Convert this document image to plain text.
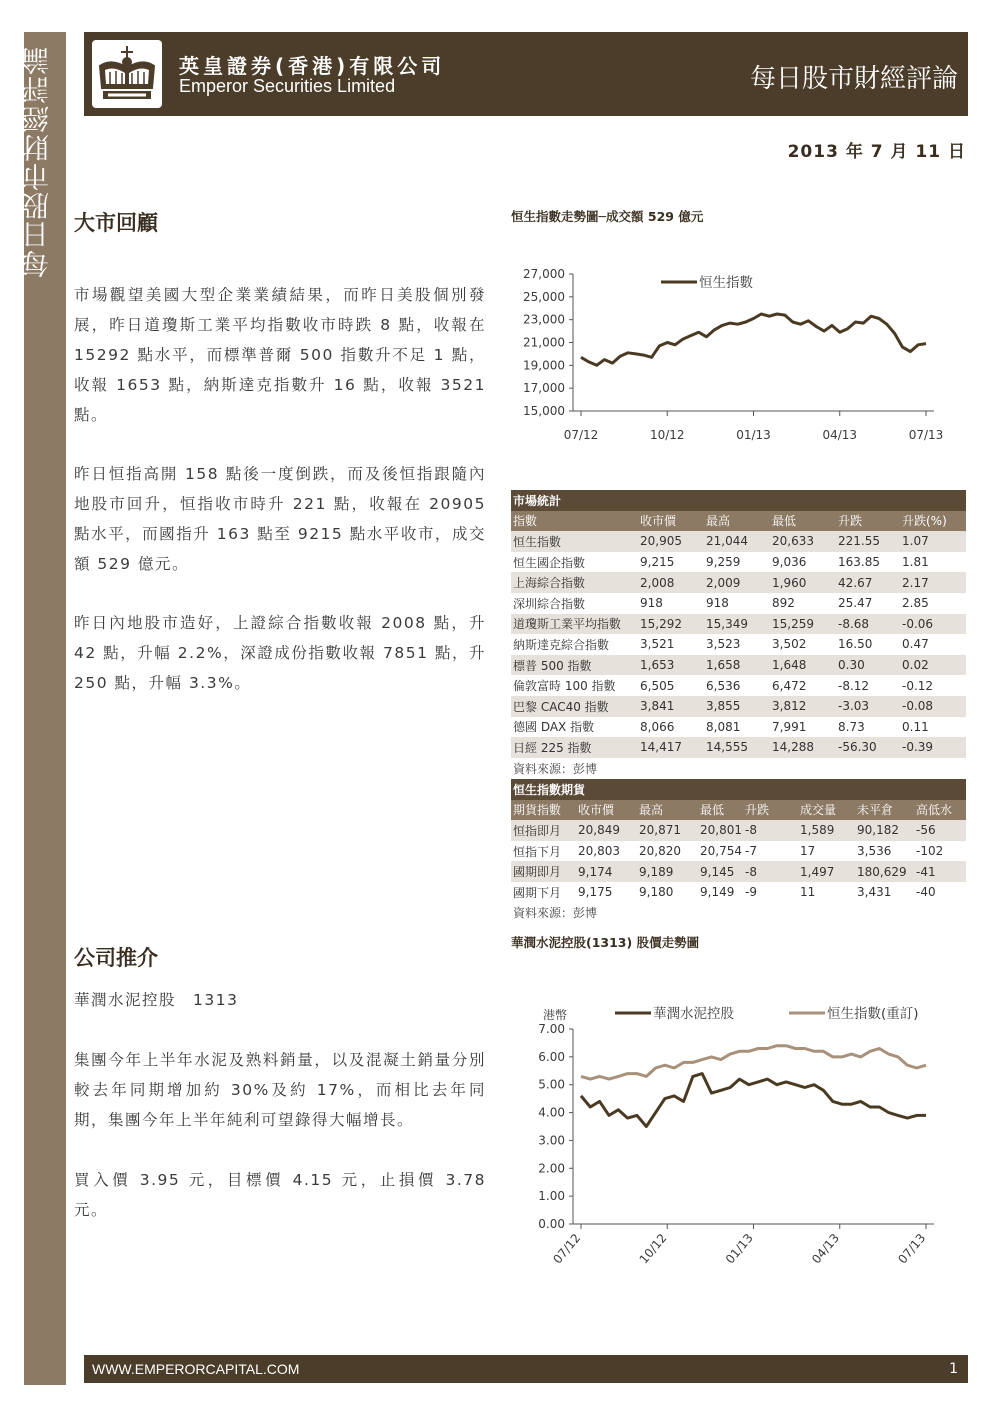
每日股市財經評論	英皇證券(香港)有限公司
Emperor Securities Limited	每日股市財經評論
2013 年 7 月 11 日
大市回顧
市場觀望美國大型企業業績結果，而昨日美股個別發展，昨日道瓊斯工業平均指數收市時跌 8 點，收報在 15292 點水平，而標準普爾 500 指數升不足 1 點，收報 1653 點，納斯達克指數升 16 點，收報 3521 點。
昨日恒指高開 158 點後一度倒跌，而及後恒指跟隨內地股市回升，恒指收市時升 221 點，收報在 20905 點水平，而國指升 163 點至 9215 點水平收市，成交額 529 億元。
昨日內地股市造好，上證綜合指數收報 2008 點，升 42 點，升幅 2.2%，深證成份指數收報 7851 點，升 250 點，升幅 3.3%。
公司推介
華潤水泥控股　1313
集團今年上半年水泥及熟料銷量，以及混凝土銷量分別較去年同期增加約 30%及約 17%，而相比去年同期，集團今年上半年純利可望錄得大幅增長。
買入價 3.95 元，目標價 4.15 元，止損價 3.78 元。
恒生指數走勢圖─成交額 529 億元
27,000
25,000
23,000
21,000
19,000
17,000
15,000
07/12	10/12	01/13	04/13	07/13
恒生指數
市場統計					
指數	收市價	最高	最低	升跌	升跌(%)
恒生指數	20,905	21,044	20,633	221.55	1.07
恒生國企指數	9,215	9,259	9,036	163.85	1.81
上海綜合指數	2,008	2,009	1,960	42.67	2.17
深圳綜合指數	918	918	892	25.47	2.85
道瓊斯工業平均指數	15,292	15,349	15,259	-8.68	-0.06
納斯達克綜合指數	3,521	3,523	3,502	16.50	0.47
標普 500 指數	1,653	1,658	1,648	0.30	0.02
倫敦富時 100 指數	6,505	6,536	6,472	-8.12	-0.12
巴黎 CAC40 指數	3,841	3,855	3,812	-3.03	-0.08
德國 DAX 指數	8,066	8,081	7,991	8.73	0.11
日經 225 指數	14,417	14,555	14,288	-56.30	-0.39
資料來源：彭博					
恒生指數期貨							
期貨指數	收市價	最高	最低	升跌	成交量	未平倉	高低水
恒指即月	20,849	20,871	20,801	-8	1,589	90,182	-56
恒指下月	20,803	20,820	20,754	-7	17	3,536	-102
國期即月	9,174	9,189	9,145	-8	1,497	180,629	-41
國期下月	9,175	9,180	9,149	-9	11	3,431	-40
資料來源：彭博							
華潤水泥控股(1313) 股價走勢圖
7.00
6.00
5.00
4.00
3.00
2.00
1.00
0.00
07/12	10/12	01/13	04/13	07/13
港幣	華潤水泥控股	恒生指數(重訂)
WWW.EMPERORCAPITAL.COM	1
